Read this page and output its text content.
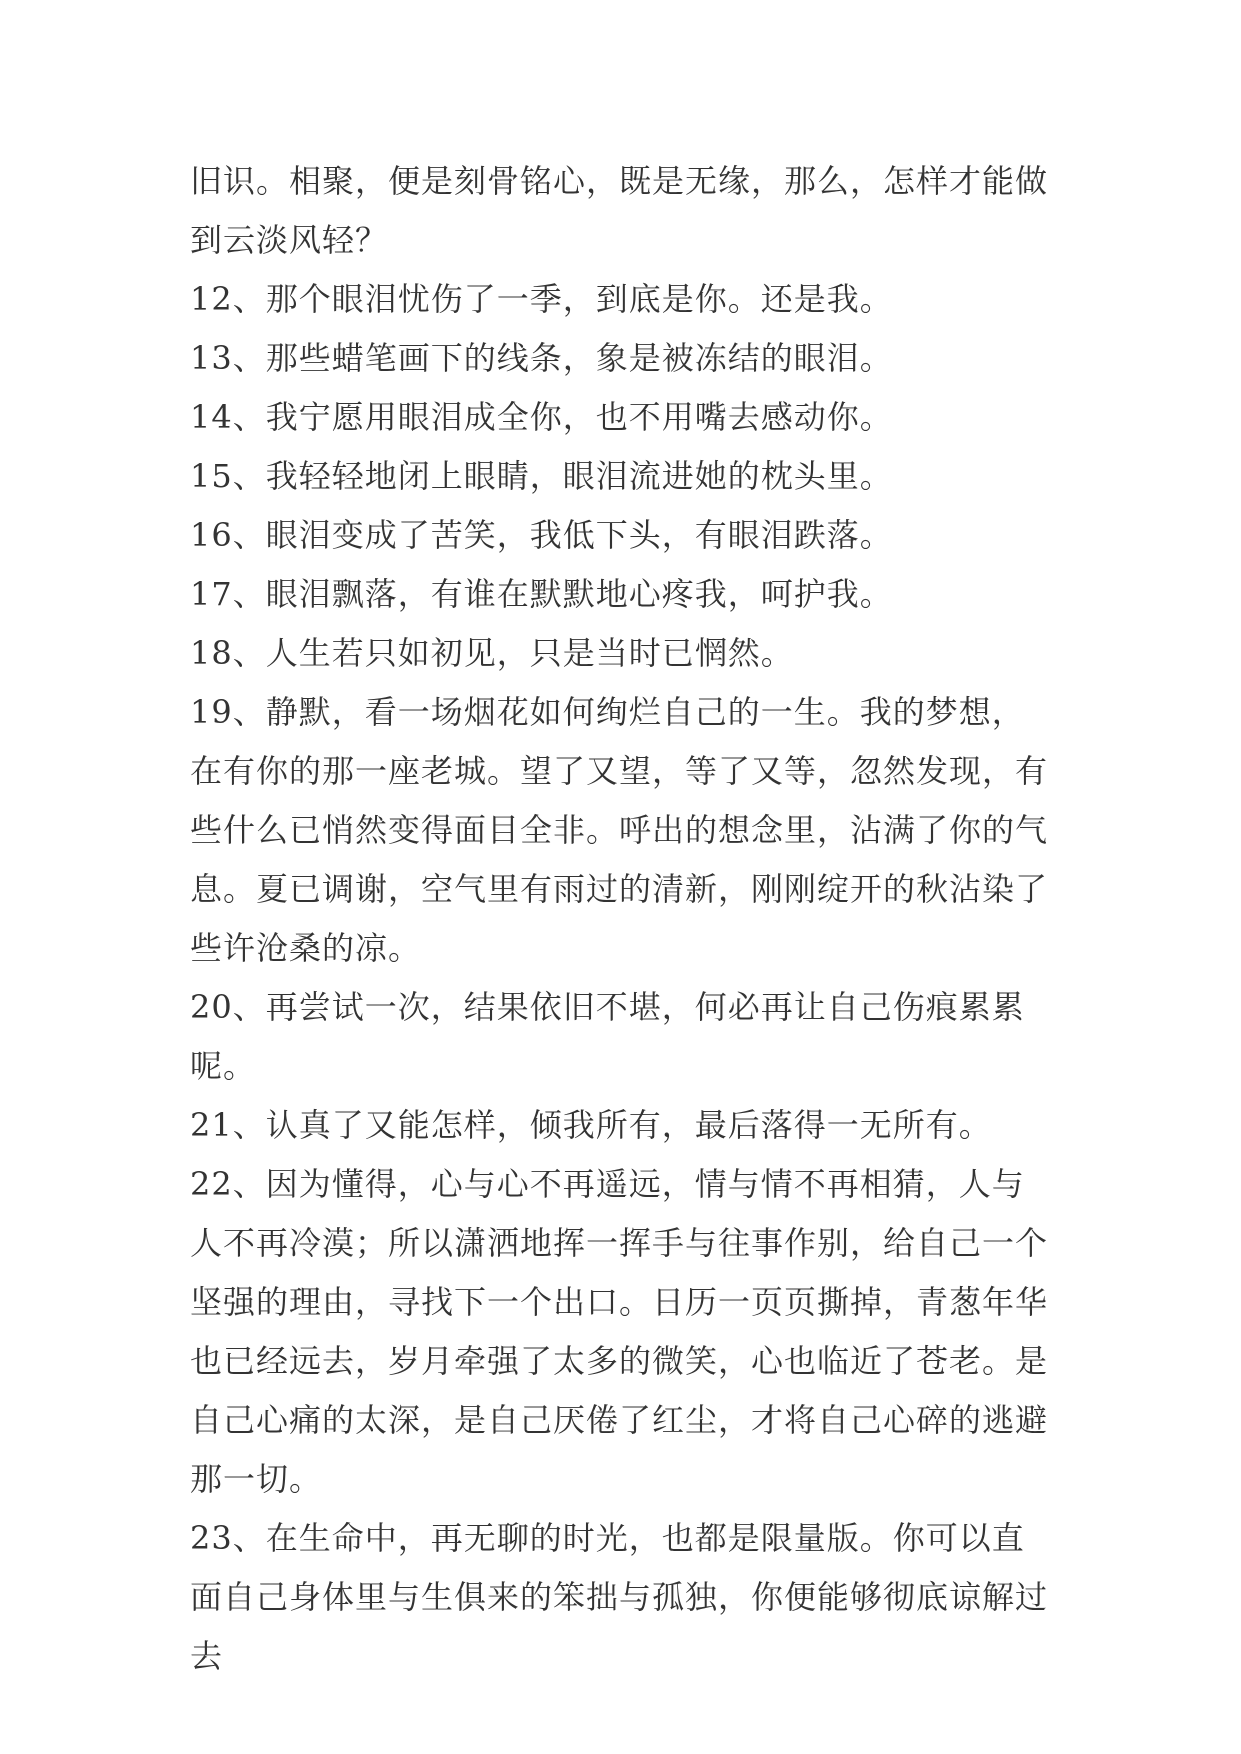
旧识。相聚，便是刻骨铭心，既是无缘，那么，怎样才能做到云淡风轻？

12、那个眼泪忧伤了一季，到底是你。还是我。

13、那些蜡笔画下的线条，象是被冻结的眼泪。

14、我宁愿用眼泪成全你，也不用嘴去感动你。

15、我轻轻地闭上眼睛，眼泪流进她的枕头里。

16、眼泪变成了苦笑，我低下头，有眼泪跌落。

17、眼泪飘落，有谁在默默地心疼我，呵护我。

18、人生若只如初见，只是当时已惘然。

19、静默，看一场烟花如何绚烂自己的一生。我的梦想，在有你的那一座老城。望了又望，等了又等，忽然发现，有些什么已悄然变得面目全非。呼出的想念里，沾满了你的气息。夏已调谢，空气里有雨过的清新，刚刚绽开的秋沾染了些许沧桑的凉。

20、再尝试一次，结果依旧不堪，何必再让自己伤痕累累呢。

21、认真了又能怎样，倾我所有，最后落得一无所有。

22、因为懂得，心与心不再遥远，情与情不再相猜，人与人不再冷漠；所以潇洒地挥一挥手与往事作别，给自己一个坚强的理由，寻找下一个出口。日历一页页撕掉，青葱年华也已经远去，岁月牵强了太多的微笑，心也临近了苍老。是自己心痛的太深，是自己厌倦了红尘，才将自己心碎的逃避那一切。

23、在生命中，再无聊的时光，也都是限量版。你可以直面自己身体里与生俱来的笨拙与孤独，你便能够彻底谅解过去
